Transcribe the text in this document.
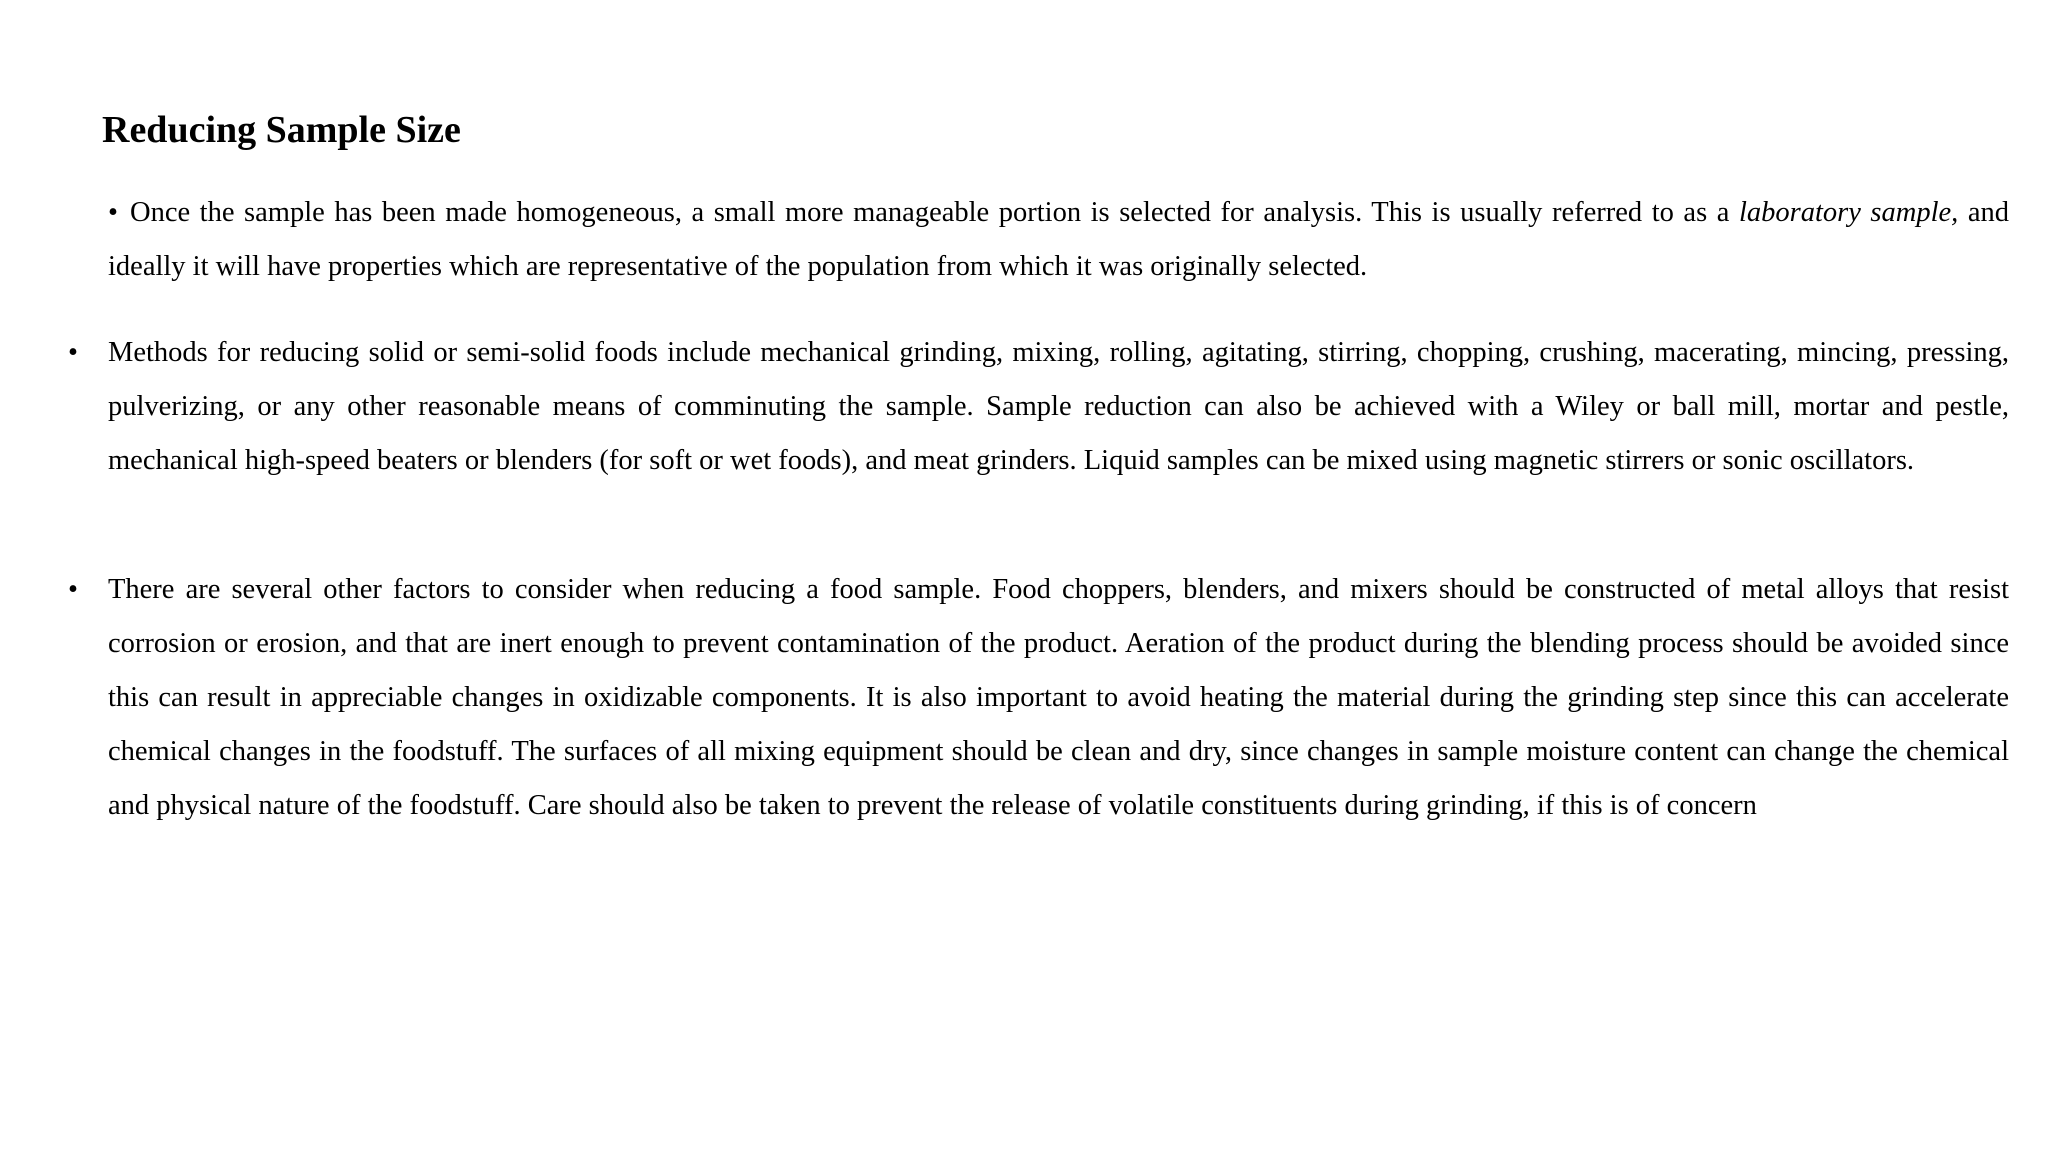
Reducing Sample Size

• Once the sample has been made homogeneous, a small more manageable portion is selected for analysis. This is usually referred to as a laboratory sample, and ideally it will have properties which are representative of the population from which it was originally selected.

• Methods for reducing solid or semi-solid foods include mechanical grinding, mixing, rolling, agitating, stirring, chopping, crushing, macerating, mincing, pressing, pulverizing, or any other reasonable means of comminuting the sample. Sample reduction can also be achieved with a Wiley or ball mill, mortar and pestle, mechanical high-speed beaters or blenders (for soft or wet foods), and meat grinders. Liquid samples can be mixed using magnetic stirrers or sonic oscillators.

• There are several other factors to consider when reducing a food sample. Food choppers, blenders, and mixers should be constructed of metal alloys that resist corrosion or erosion, and that are inert enough to prevent contamination of the product. Aeration of the product during the blending process should be avoided since this can result in appreciable changes in oxidizable components. It is also important to avoid heating the material during the grinding step since this can accelerate chemical changes in the foodstuff. The surfaces of all mixing equipment should be clean and dry, since changes in sample moisture content can change the chemical and physical nature of the foodstuff. Care should also be taken to prevent the release of volatile constituents during grinding, if this is of concern
